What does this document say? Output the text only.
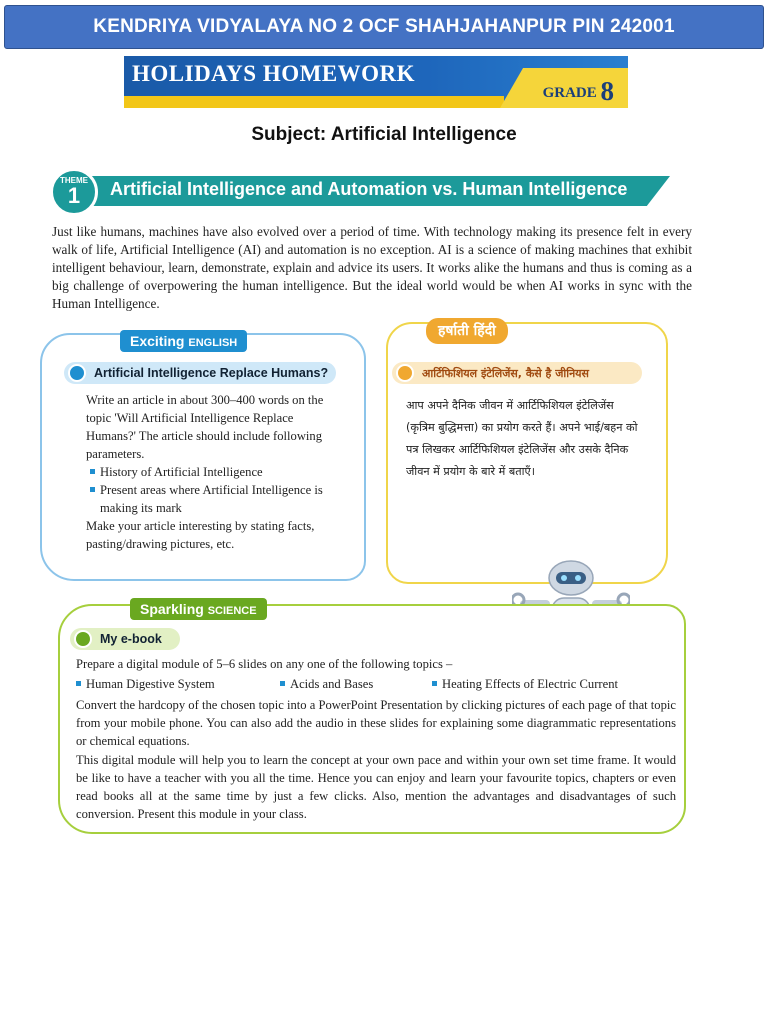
KENDRIYA VIDYALAYA NO 2 OCF SHAHJAHANPUR PIN 242001
HOLIDAYS HOMEWORK
GRADE 8
Subject: Artificial Intelligence
THEME
1 Artificial Intelligence and Automation vs. Human Intelligence
Just like humans, machines have also evolved over a period of time. With technology making its presence felt in every walk of life, Artificial Intelligence (AI) and automation is no exception. AI is a science of making machines that exhibit intelligent behaviour, learn, demonstrate, explain and advice its users. It works alike the humans and thus is coming as a big challenge of overpowering the human intelligence. But the ideal world would be when AI works in sync with the Human Intelligence.
Exciting ENGLISH
Artificial Intelligence Replace Humans?
Write an article in about 300–400 words on the topic 'Will Artificial Intelligence Replace Humans?' The article should include following parameters.
History of Artificial Intelligence
Present areas where Artificial Intelligence is making its mark
Make your article interesting by stating facts, pasting/drawing pictures, etc.
हर्षाती हिंदी
आर्टिफिशियल इंटेलिजेंस, कैसे है जीनियस
आप अपने दैनिक जीवन में आर्टिफिशियल इंटेलिजेंस (कृत्रिम बुद्धिमत्ता) का प्रयोग करते हैं। अपने भाई/बहन को पत्र लिखकर आर्टिफिशियल इंटेलिजेंस और उसके दैनिक जीवन में प्रयोग के बारे में बताएँ।
Sparkling SCIENCE
My e-book
Prepare a digital module of 5–6 slides on any one of the following topics –
Human Digestive System	Acids and Bases	Heating Effects of Electric Current
Convert the hardcopy of the chosen topic into a PowerPoint Presentation by clicking pictures of each page of that topic from your mobile phone. You can also add the audio in these slides for explaining some diagrammatic representations or chemical equations.
This digital module will help you to learn the concept at your own pace and within your own set time frame. It would be like to have a teacher with you all the time. Hence you can enjoy and learn your favourite topics, chapters or even read books all at the same time by just a few clicks. Also, mention the advantages and disadvantages of such conversion. Present this module in your class.
